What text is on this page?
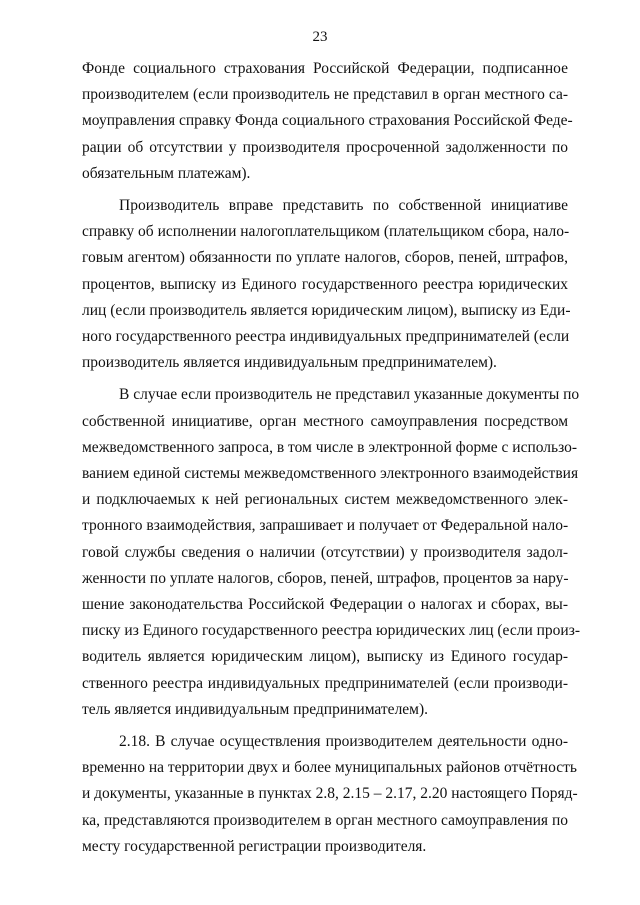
23

Фонде социального страхования Российской Федерации, подписанное
производителем (если производитель не представил в орган местного са-
моуправления справку Фонда социального страхования Российской Феде-
рации об отсутствии у производителя просроченной задолженности по
обязательным платежам).

Производитель вправе представить по собственной инициативе
справку об исполнении налогоплательщиком (плательщиком сбора, нало-
говым агентом) обязанности по уплате налогов, сборов, пеней, штрафов,
процентов, выписку из Единого государственного реестра юридических
лиц (если производитель является юридическим лицом), выписку из Еди-
ного государственного реестра индивидуальных предпринимателей (если
производитель является индивидуальным предпринимателем).

В случае если производитель не представил указанные документы по
собственной инициативе, орган местного самоуправления посредством
межведомственного запроса, в том числе в электронной форме с использо-
ванием единой системы межведомственного электронного взаимодействия
и подключаемых к ней региональных систем межведомственного элек-
тронного взаимодействия, запрашивает и получает от Федеральной нало-
говой службы сведения о наличии (отсутствии) у производителя задол-
женности по уплате налогов, сборов, пеней, штрафов, процентов за нару-
шение законодательства Российской Федерации о налогах и сборах, вы-
писку из Единого государственного реестра юридических лиц (если произ-
водитель является юридическим лицом), выписку из Единого государ-
ственного реестра индивидуальных предпринимателей (если производи-
тель является индивидуальным предпринимателем).

2.18. В случае осуществления производителем деятельности одно-
временно на территории двух и более муниципальных районов отчётность
и документы, указанные в пунктах 2.8, 2.15 – 2.17, 2.20 настоящего Поряд-
ка, представляются производителем в орган местного самоуправления по
месту государственной регистрации производителя.
